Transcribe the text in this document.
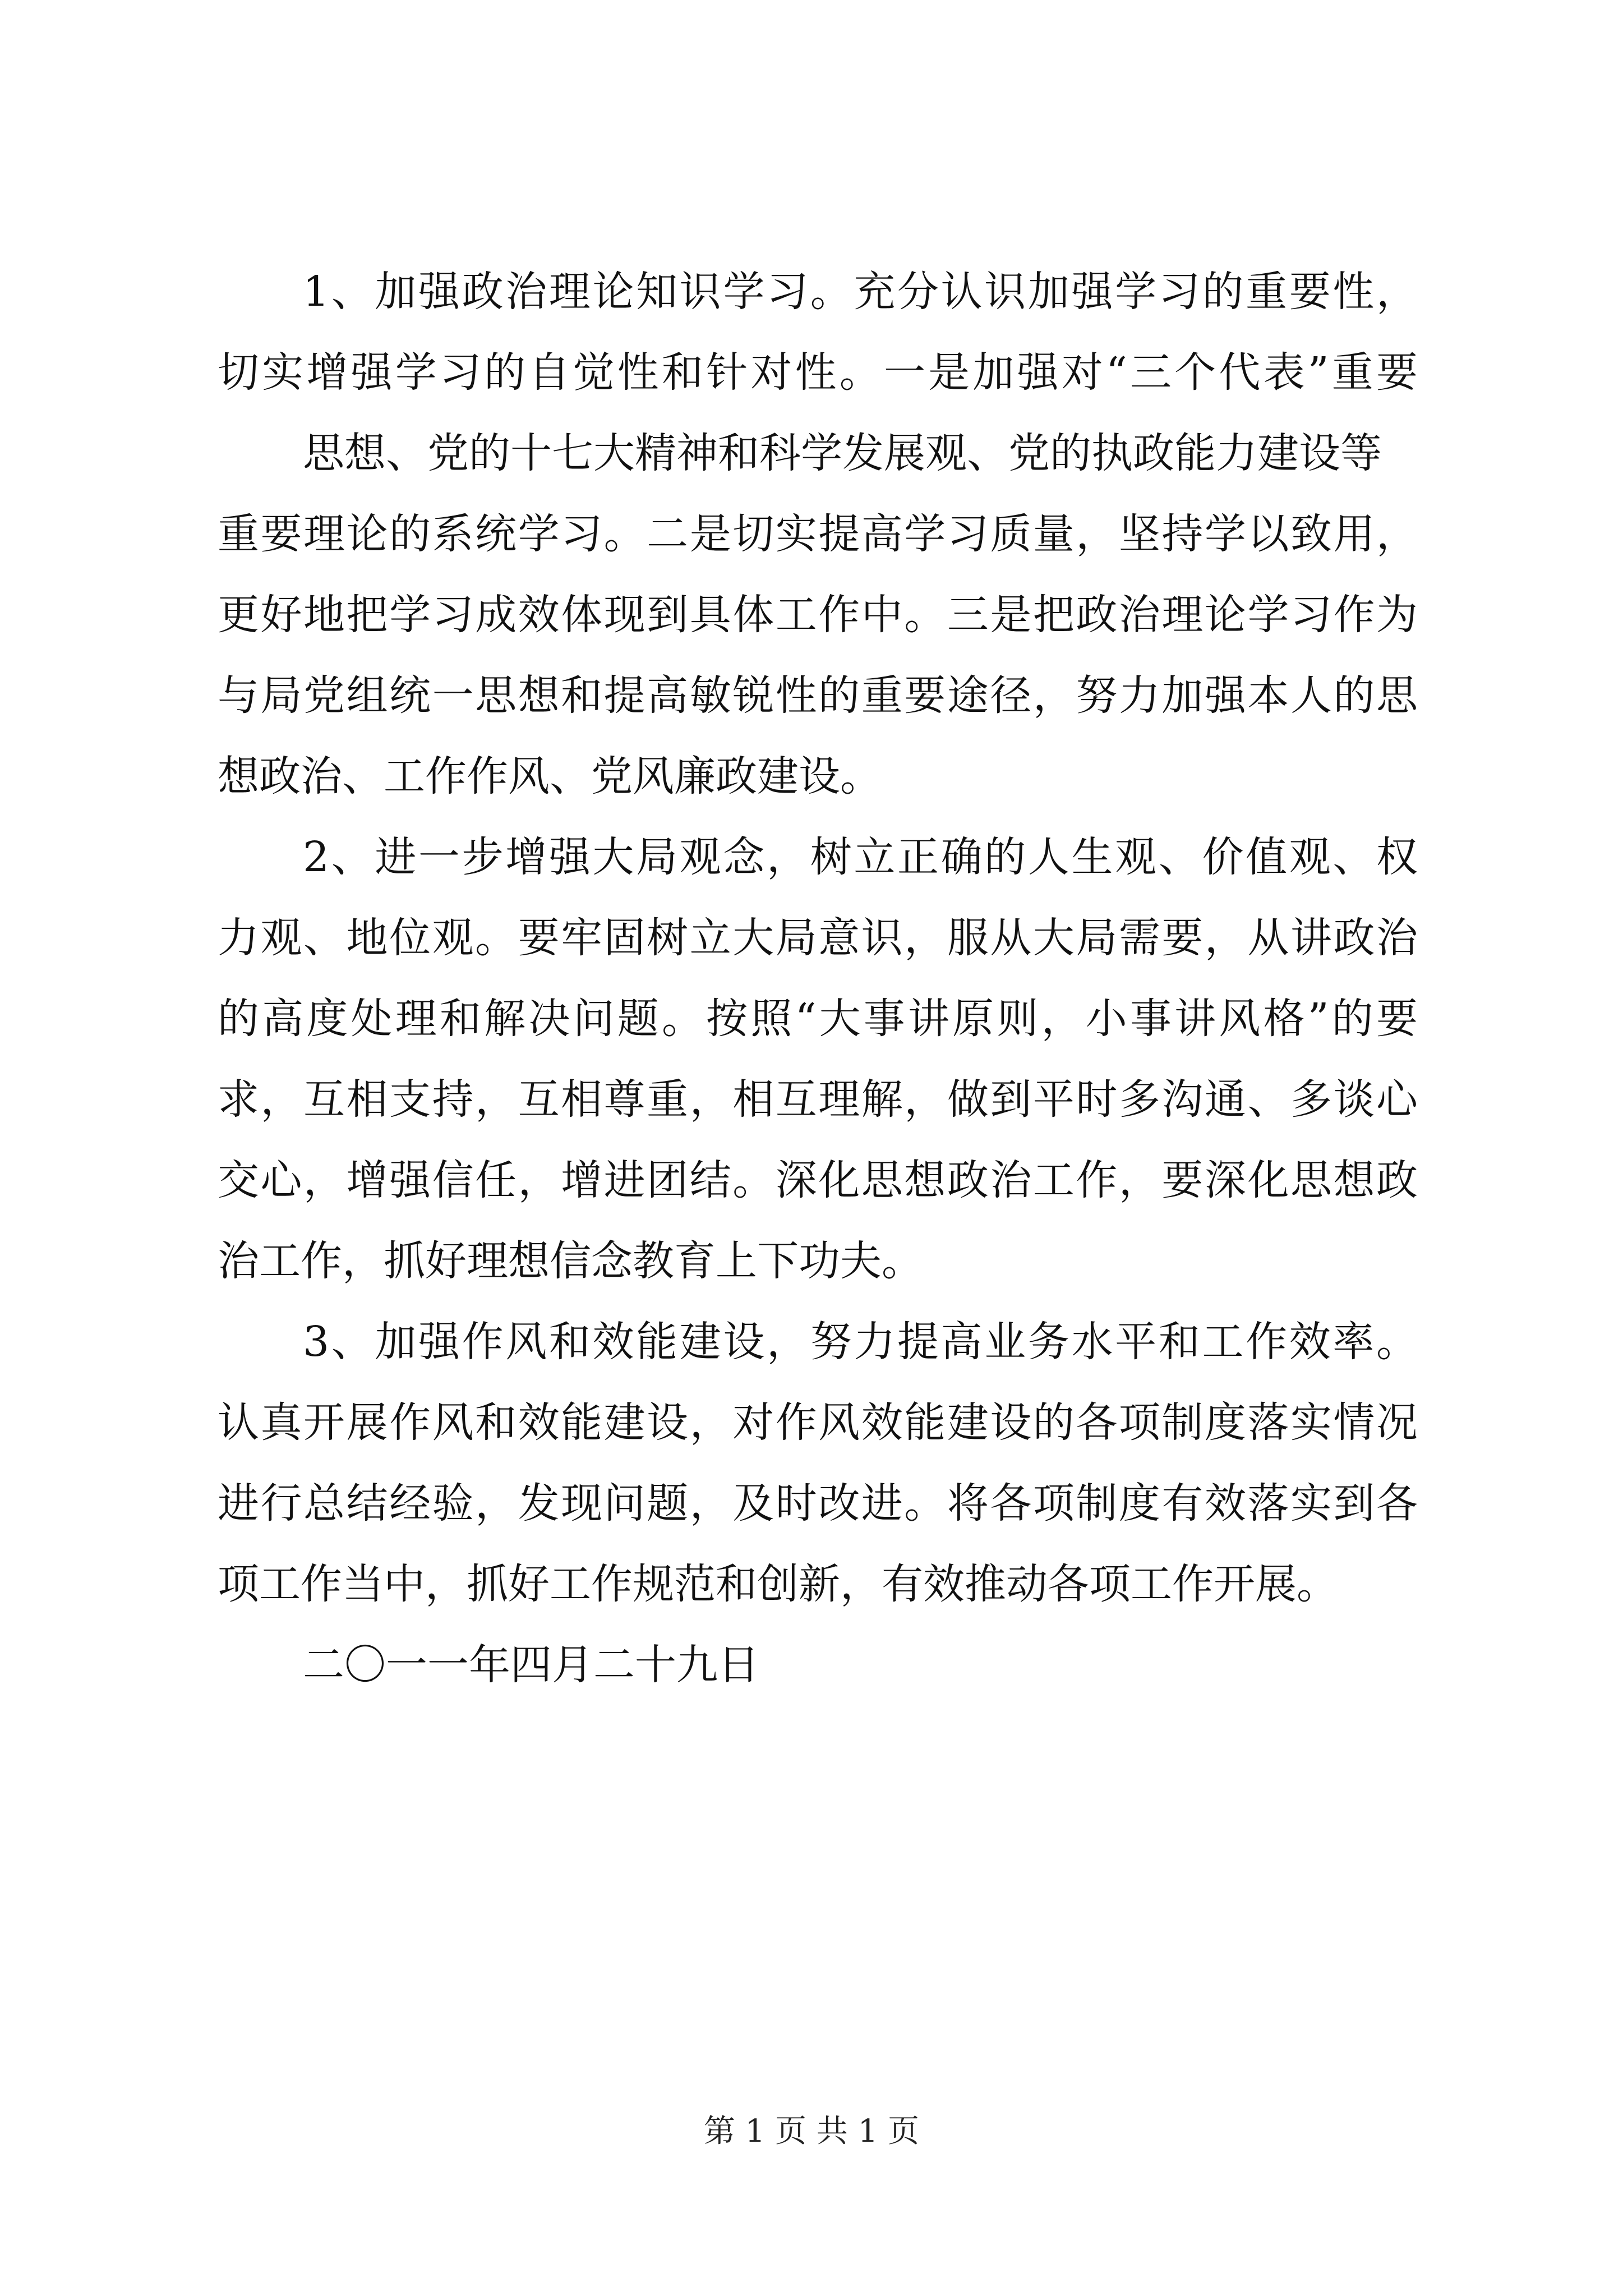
1、加强政治理论知识学习。充分认识加强学习的重要性，
切实增强学习的自觉性和针对性。一是加强对“三个代表”重要
思想、党的十七大精神和科学发展观、党的执政能力建设等
重要理论的系统学习。二是切实提高学习质量，坚持学以致用，
更好地把学习成效体现到具体工作中。三是把政治理论学习作为
与局党组统一思想和提高敏锐性的重要途径，努力加强本人的思
想政治、工作作风、党风廉政建设。
2、进一步增强大局观念，树立正确的人生观、价值观、权
力观、地位观。要牢固树立大局意识，服从大局需要，从讲政治
的高度处理和解决问题。按照“大事讲原则，小事讲风格”的要
求，互相支持，互相尊重，相互理解，做到平时多沟通、多谈心
交心，增强信任，增进团结。深化思想政治工作，要深化思想政
治工作，抓好理想信念教育上下功夫。
3、加强作风和效能建设，努力提高业务水平和工作效率。
认真开展作风和效能建设，对作风效能建设的各项制度落实情况
进行总结经验，发现问题，及时改进。将各项制度有效落实到各
项工作当中，抓好工作规范和创新，有效推动各项工作开展。
二〇一一年四月二十九日
第 1 页 共 1 页
